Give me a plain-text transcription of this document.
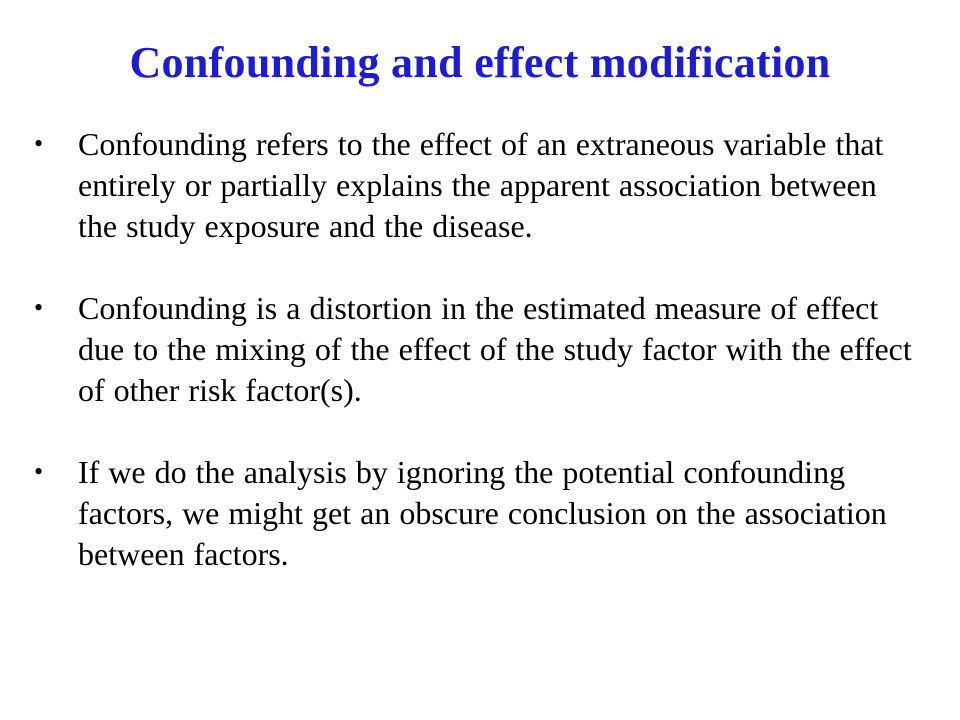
Confounding and effect modification
•	Confounding refers to the effect of an extraneous variable that entirely or partially explains the apparent association between the study exposure and the disease.
•	Confounding is a distortion in the estimated measure of effect due to the mixing of the effect of the study factor with the effect of other risk factor(s).
•	If we do the analysis by ignoring the potential confounding factors, we might get an obscure conclusion on the association between factors.
